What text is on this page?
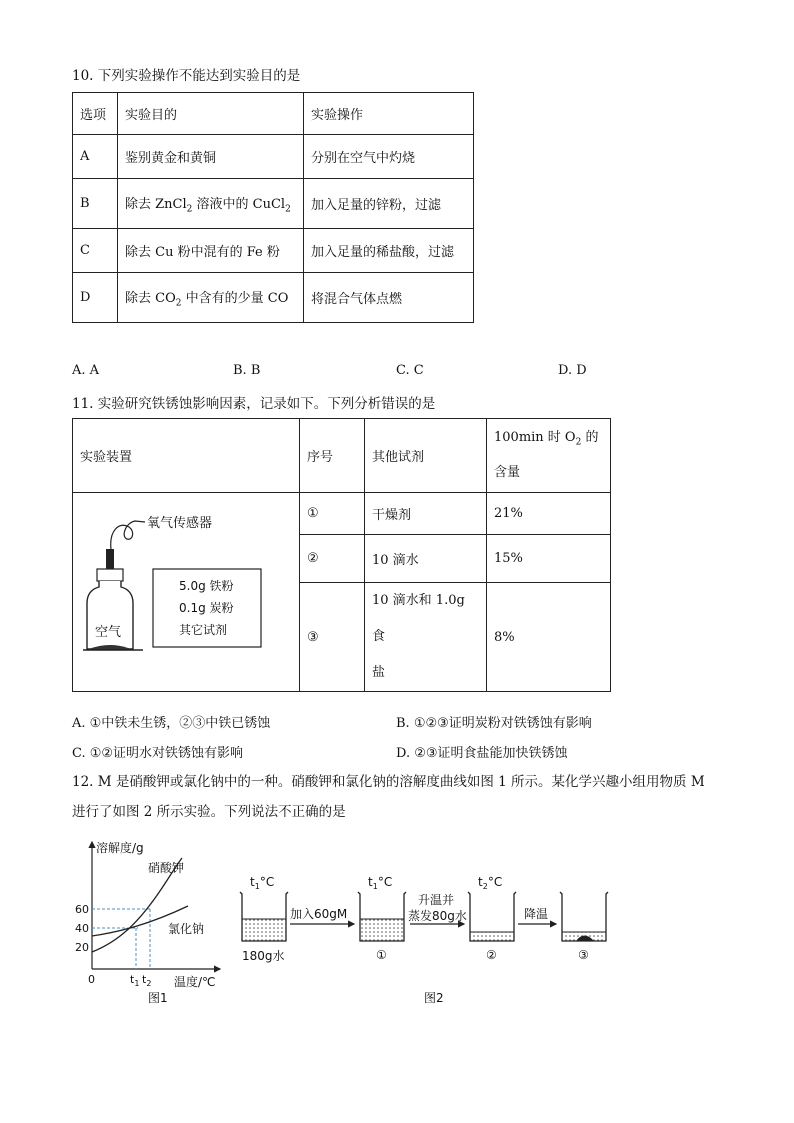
10. 下列实验操作不能达到实验目的是
选项	实验目的	实验操作
A	鉴别黄金和黄铜	分别在空气中灼烧
B	除去 ZnCl$_2$ 溶液中的 CuCl$_2$	加入足量的锌粉，过滤
C	除去 Cu 粉中混有的 Fe 粉	加入足量的稀盐酸，过滤
D	除去 $CO_2$ 中含有的少量 CO	将混合气体点燃
A. A	B. B	C. C	D. D
11. 实验研究铁锈蚀影响因素，记录如下。下列分析错误的是
实验装置	序号	其他试剂	100min 时 $O_2$ 的
含量

氧气传感器
空气
5.0g 铁粉
0.1g 炭粉
其它试剂	①	干燥剂	21%
	②	10 滴水	15%
	③	10 滴水和 1.0g 食
盐	8%
A. ①中铁未生锈，②③中铁已锈蚀	B. ①②③证明炭粉对铁锈蚀有影响
C. ①②证明水对铁锈蚀有影响	D. ②③证明食盐能加快铁锈蚀
12. M 是硝酸钾或氯化钠中的一种。硝酸钾和氯化钠的溶解度曲线如图 1 所示。某化学兴趣小组用物质 M
进行了如图 2 所示实验。下列说法不正确的是
溶解度/g
硝酸钾
氯化钠
60
40
20
0	$t_1$ $t_2$ 温度/℃
图1
$t_1^\circ C$	$t_1^\circ C$	$t_2^\circ C$
加入60gM
升温并
蒸发80g水	降温
180g水	①	②	③
图2
